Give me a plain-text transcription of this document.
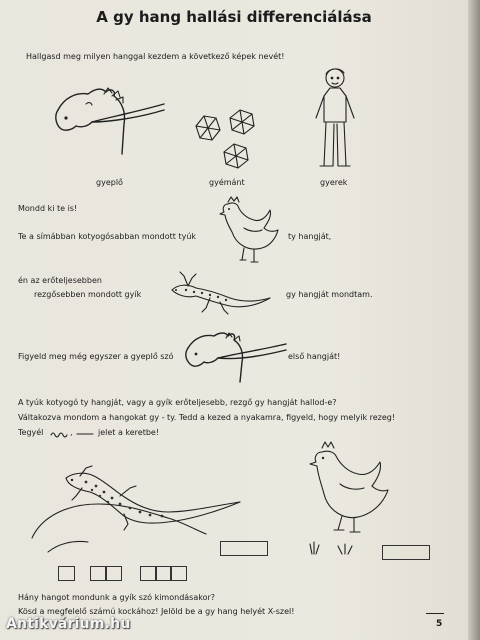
A gy hang hallási differenciálása
Hallgasd meg milyen hanggal kezdem a következő képek nevét!
gyeplő	gyémánt	gyerek
Mondd ki te is!
Te a símábban kotyogósabban mondott tyúk	ty hangját,
én az erőteljesebben
rezgősebben mondott gyík	gy hangját mondtam.
Figyeld meg még egyszer a gyeplő szó	első hangját!
A tyúk kotyogó ty hangját, vagy a gyík erőteljesebb, rezgő gy hangját hallod-e?
Váltakozva mondom a hangokat gy - ty. Tedd a kezed a nyakamra, figyeld, hogy melyik rezeg!
Tegyél	,	jelet a keretbe!
Hány hangot mondunk a gyík szó kimondásakor?
Kösd a megfelelő számú kockához! Jelöld be a gy hang helyét X-szel!
5
Antikvárium.hu
